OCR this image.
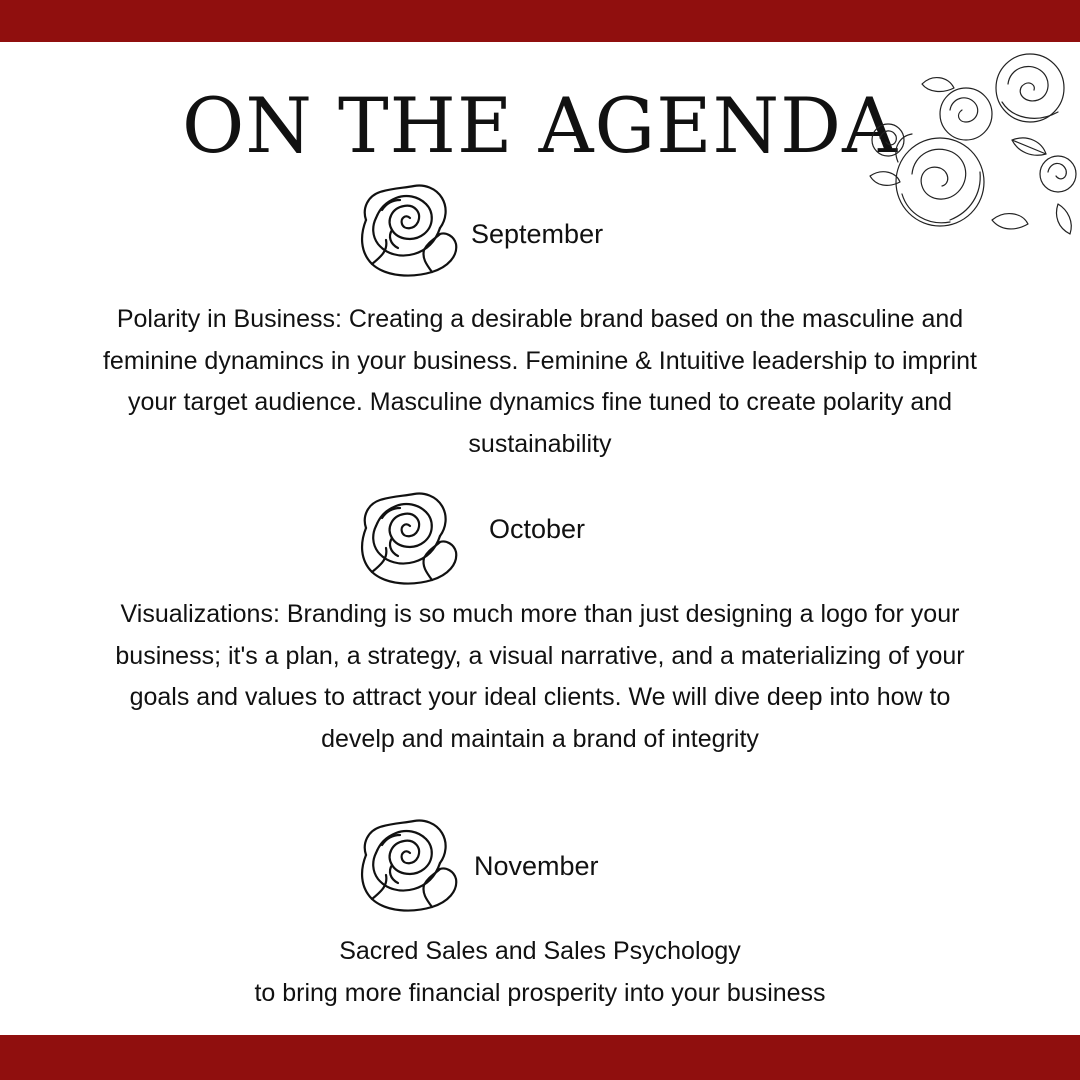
ON THE AGENDA
September

Polarity in Business: Creating a desirable brand based on the masculine and feminine dynamincs in your business. Feminine & Intuitive leadership to imprint your target audience. Masculine dynamics fine tuned to create polarity and sustainability

October

Visualizations: Branding is so much more than just designing a logo for your business; it's a plan, a strategy, a visual narrative, and a materializing of your goals and values to attract your ideal clients. We will dive deep into how to develp and maintain a brand of integrity

November
Sacred Sales and Sales Psychology
to bring more financial prosperity into your business
